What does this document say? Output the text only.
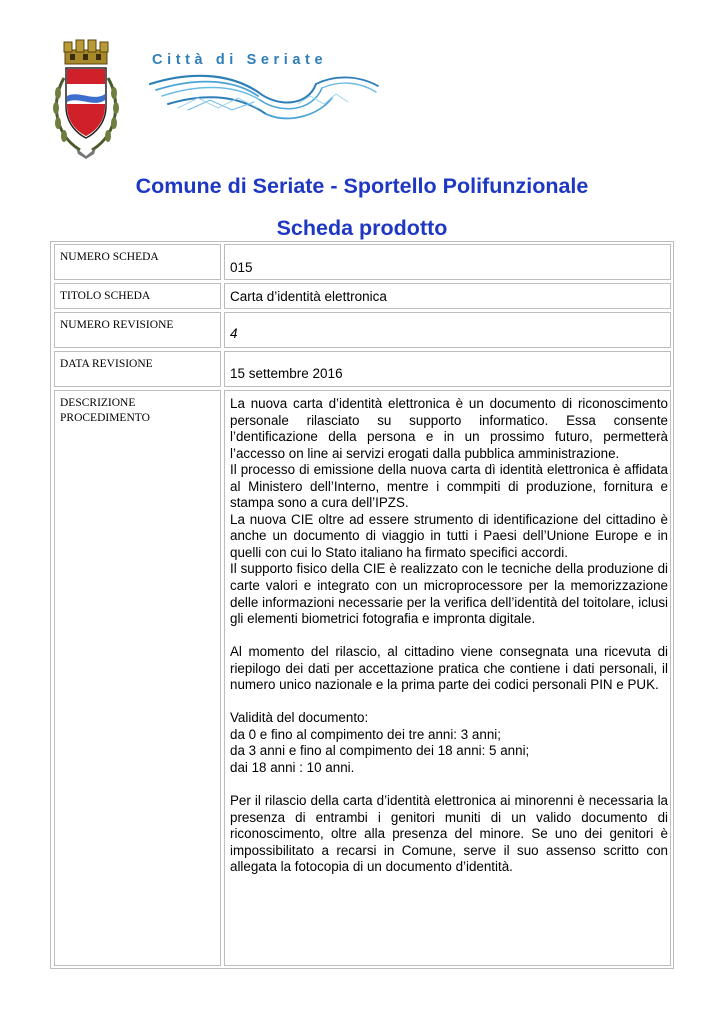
Città di Seriate

Comune di Seriate - Sportello Polifunzionale
Scheda prodotto
NUMERO SCHEDA
015
TITOLO SCHEDA	Carta d’identità elettronica
NUMERO REVISIONE
4
DATA REVISIONE
15 settembre 2016
DESCRIZIONE PROCEDIMENTO

La nuova carta d’identità elettronica è un documento di riconoscimento personale rilasciato su supporto informatico. Essa consente l’dentificazione della persona e in un prossimo futuro, permetterà l’accesso on line ai servizi erogati dalla pubblica amministrazione.

Il processo di emissione della nuova carta dì identità elettronica è affidata al Ministero dell’Interno, mentre i commpiti di produzione, fornitura e stampa sono a cura dell’IPZS.

La nuova CIE oltre ad essere strumento di identificazione del cittadino è anche un documento di viaggio in tutti i Paesi dell’Unione Europe e in quelli con cui lo Stato italiano ha firmato specifici accordi.

Il supporto fisico della CIE è realizzato con le tecniche della produzione di carte valori e integrato con un microprocessore per la memorizzazione delle informazioni necessarie per la verifica dell’identità del toitolare, iclusi gli elementi biometrici fotografia e impronta digitale.

Al momento del rilascio, al cittadino viene consegnata una ricevuta di riepilogo dei dati per accettazione pratica che contiene i dati personali, il numero unico nazionale e la prima parte dei codici personali PIN e PUK.

Validità del documento:

da 0 e fino al compimento dei tre anni: 3 anni;

da 3 anni e fino al compimento dei 18 anni: 5 anni;

dai 18 anni : 10 anni.

Per il rilascio della carta d’identità elettronica ai minorenni è necessaria la presenza di entrambi i genitori muniti di un valido documento di riconoscimento, oltre alla presenza del minore. Se uno dei genitori è impossibilitato a recarsi in Comune, serve il suo assenso scritto con allegata la fotocopia di un documento d’identità.
